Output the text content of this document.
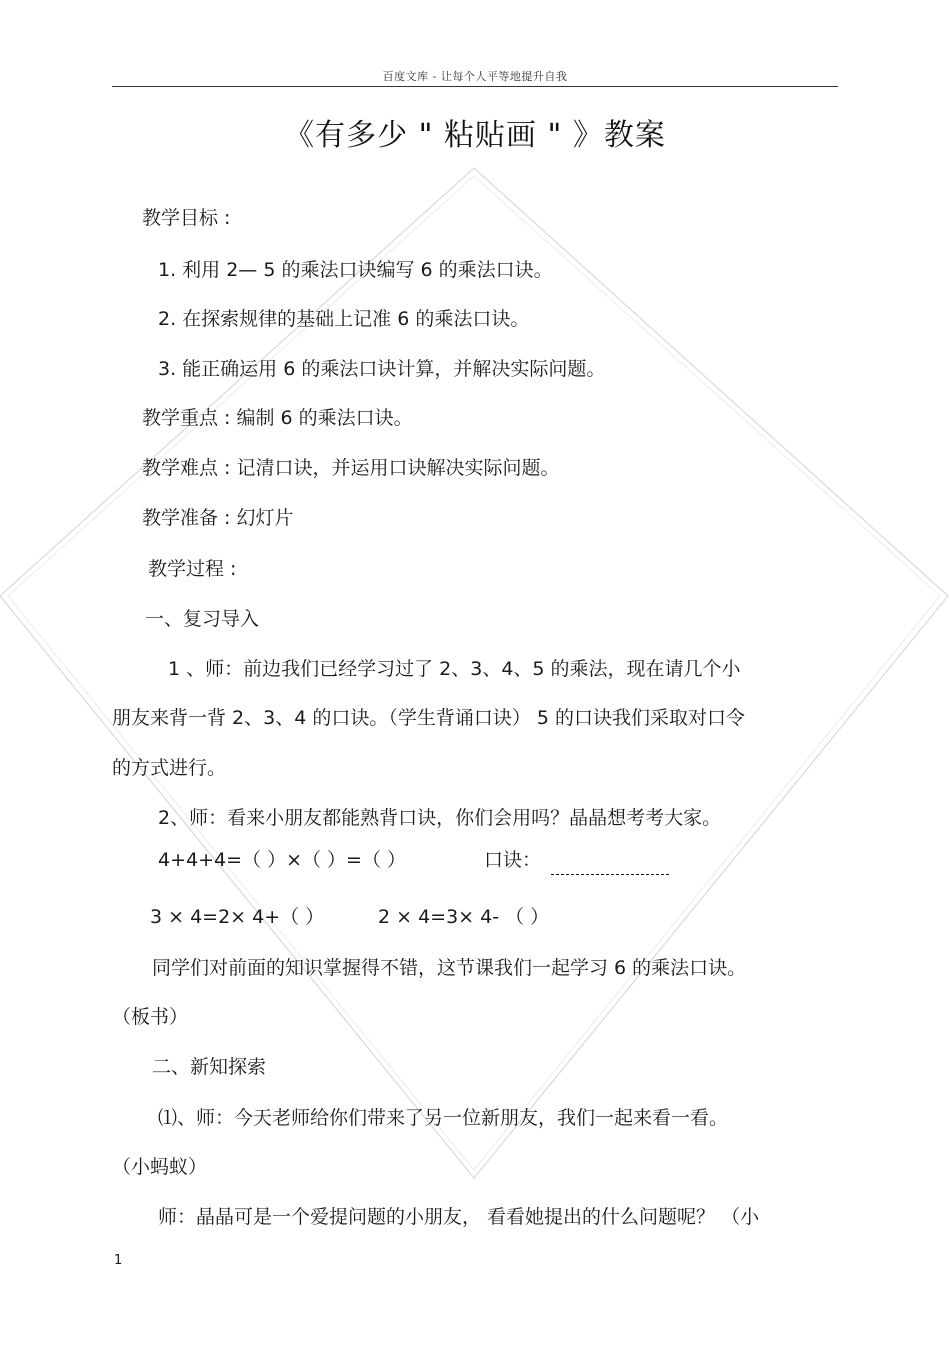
百度文库 - 让每个人平等地提升自我
《有多少 " 粘贴画 " 》教案
教学目标 :
1. 利用 2— 5 的乘法口诀编写 6 的乘法口诀。
2. 在探索规律的基础上记准 6 的乘法口诀。
3. 能正确运用 6 的乘法口诀计算，并解决实际问题。
教学重点 : 编制 6 的乘法口诀。
教学难点 : 记清口诀，并运用口诀解决实际问题。
教学准备 : 幻灯片
教学过程 :
一、复习导入
1 、师：前边我们已经学习过了 2、3、4、5 的乘法，现在请几个小
朋友来背一背 2、3、4 的口诀。（学生背诵口诀） 5 的口诀我们采取对口令
的方式进行。
2、师：看来小朋友都能熟背口诀，你们会用吗？晶晶想考考大家。
4+4+4=（ ）×（ ）=（ ）	口诀：
3 × 4=2× 4+（ ）	2 × 4=3× 4- （ ）
同学们对前面的知识掌握得不错，这节课我们一起学习 6 的乘法口诀。
（板书）
二、新知探索
⑴、师：今天老师给你们带来了另一位新朋友，我们一起来看一看。
（小蚂蚁）
师：晶晶可是一个爱提问题的小朋友， 看看她提出的什么问题呢？ （小
1
